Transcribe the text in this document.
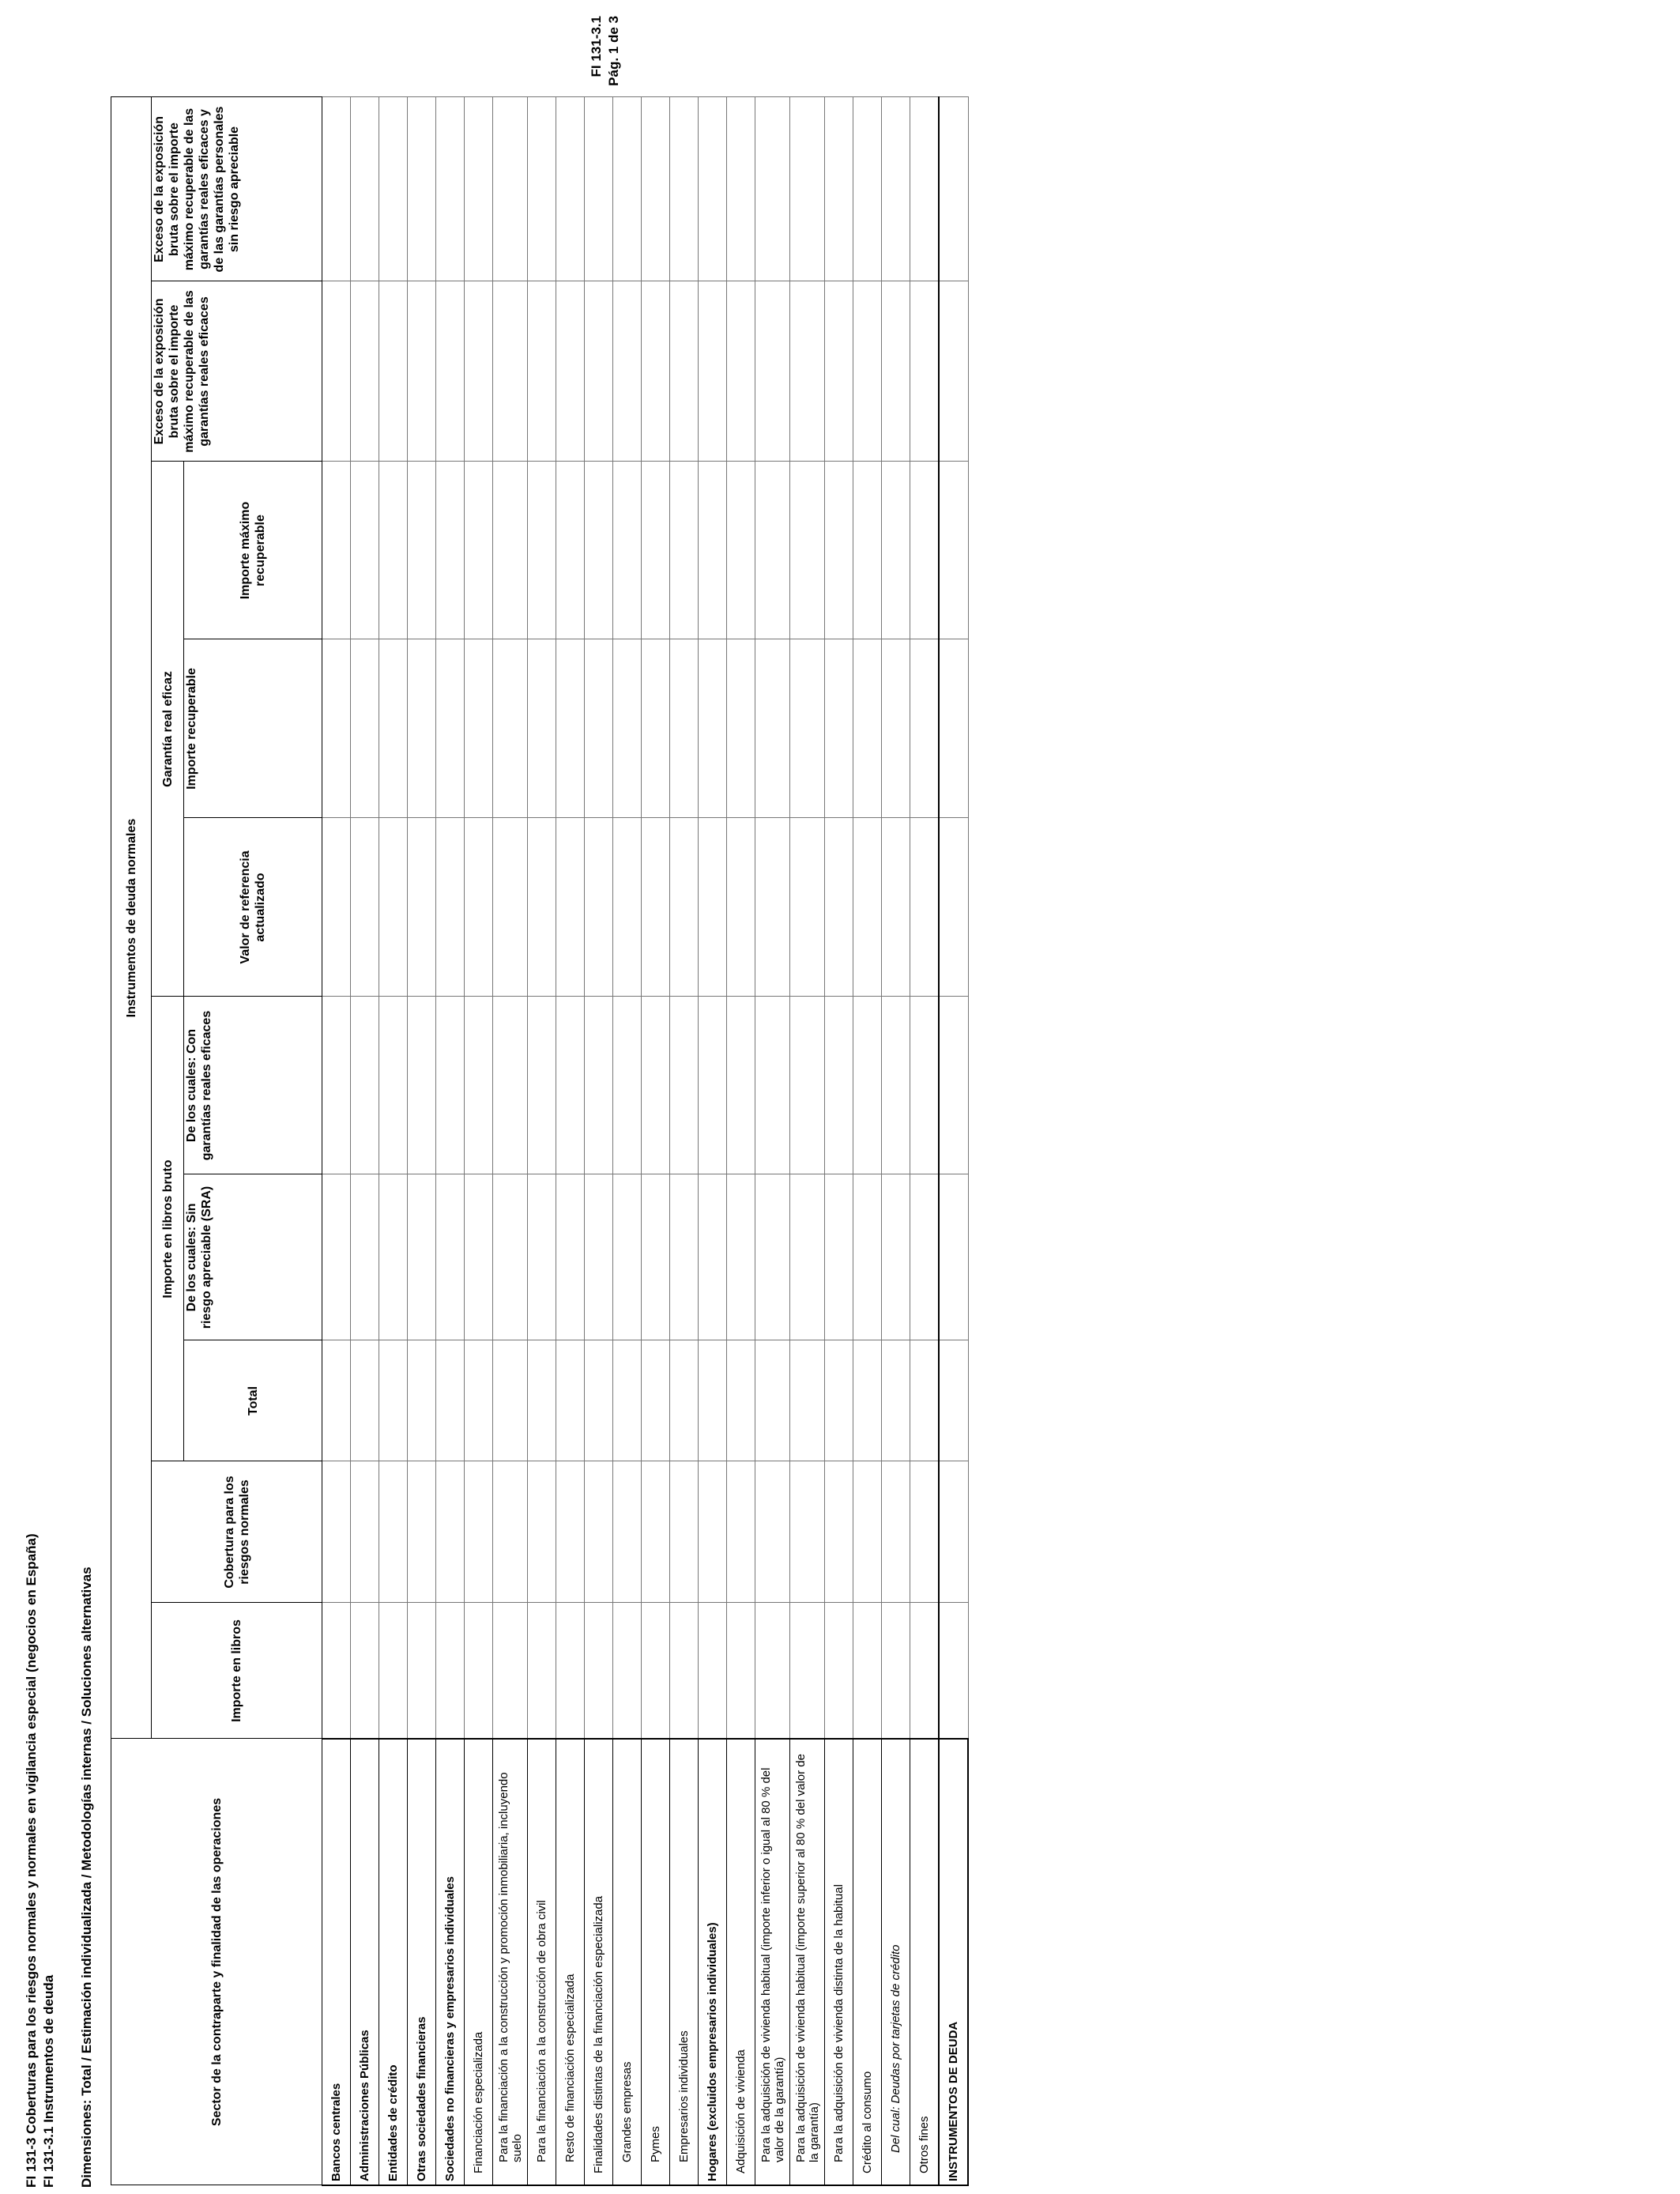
FI 131-3 Coberturas para los riesgos normales y normales en vigilancia especial (negocios en España) FI 131-3.1 Instrumentos de deuda Dimensiones: Total / Estimación individualizada / Metodologías internas / Soluciones alternativas
FI 131-3.1 Pág. 1 de 3
Sector de la contraparte y finalidad de las operaciones	Instrumentos de deuda normales									
	Importe en libros	Cobertura para los riesgos normales	Importe en libros bruto			Garantía real eficaz			Exceso de la exposición bruta sobre el importe máximo recuperable de las garantías reales eficaces	Exceso de la exposición bruta sobre el importe máximo recuperable de las garantías reales eficaces y de las garantías personales sin riesgo apreciable
			Total	De los cuales: Sin riesgo apreciable (SRA)	De los cuales: Con garantías reales eficaces	Valor de referencia actualizado	Importe recuperable	Importe máximo recuperable		
Bancos centrales										
Administraciones Públicas										
Entidades de crédito										
Otras sociedades financieras										
Sociedades no financieras y empresarios individuales										
Financiación especializada										
Para la financiación a la construcción y promoción inmobiliaria, incluyendo suelo										
Para la financiación a la construcción de obra civil										
Resto de financiación especializada										
Finalidades distintas de la financiación especializada										
Grandes empresas										
Pymes										
Empresarios individuales										
Hogares (excluidos empresarios individuales)										
Adquisición de vivienda										
Para la adquisición de vivienda habitual (importe inferior o igual al 80 % del valor de la garantía)										
Para la adquisición de vivienda habitual (importe superior al 80 % del valor de la garantía)										
Para la adquisición de vivienda distinta de la habitual										
Crédito al consumo										
Del cual: Deudas por tarjetas de crédito										
Otros fines										
INSTRUMENTOS DE DEUDA										
